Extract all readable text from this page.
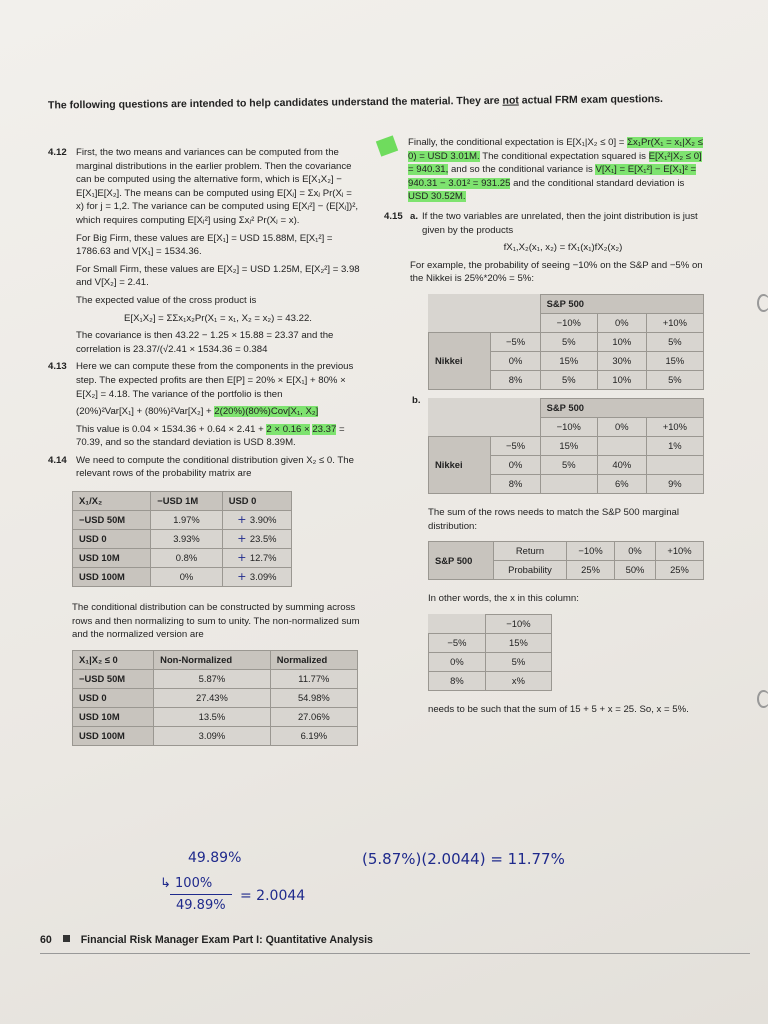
The following questions are intended to help candidates understand the material. They are not actual FRM exam questions.
4.12 First, the two means and variances can be computed from the marginal distributions in the earlier problem. Then the covariance can be computed using the alternative form, which is E[X₁X₂] − E[X₁]E[X₂]. The means can be computed using E[Xⱼ] = Σxⱼ Pr(Xⱼ = x) for j = 1,2. The variance can be computed using E[Xⱼ²] − (E[Xⱼ])², which requires computing E[Xⱼ²] using Σxⱼ² Pr(Xⱼ = x).

For Big Firm, these values are E[X₁] = USD 15.88M, E[X₁²] = 1786.63 and V[X₁] = 1534.36.

For Small Firm, these values are E[X₂] = USD 1.25M, E[X₂²] = 3.98 and V[X₂] = 2.41.

The expected value of the cross product is

E[X₁X₂] = ΣΣx₁x₂Pr(X₁ = x₁, X₂ = x₂) = 43.22.

The covariance is then 43.22 − 1.25 × 15.88 = 23.37 and the correlation is 23.37/(√2.41 × 1534.36 = 0.384

4.13 Here we can compute these from the components in the previous step. The expected profits are then E[P] = 20% × E[X₁] + 80% × E[X₂] = 4.18. The variance of the portfolio is then

(20%)²Var[X₁] + (80%)²Var[X₂] + 2(20%)(80%)Cov[X₁, X₂]

This value is 0.04 × 1534.36 + 0.64 × 2.41 + 2 × 0.16 × 23.37 = 70.39, and so the standard deviation is USD 8.39M.

4.14 We need to compute the conditional distribution given X₂ ≤ 0. The relevant rows of the probability matrix are

X₁/X₂	−USD 1M	USD 0
−USD 50M	1.97%	+ 3.90%
USD 0	3.93%	+ 23.5%
USD 10M	0.8%	+ 12.7%
USD 100M	0%	+ 3.09%

The conditional distribution can be constructed by summing across rows and then normalizing to sum to unity. The non-normalized sum and the normalized version are

X₁|X₂ ≤ 0	Non-Normalized	Normalized
−USD 50M	5.87%	11.77%
USD 0	27.43%	54.98%
USD 10M	13.5%	27.06%
USD 100M	3.09%	6.19%

Finally, the conditional expectation is E[X₁|X₂ ≤ 0] = Σx₁Pr(X₁ = x₁|X₂ ≤ 0) = USD 3.01M. The conditional expectation squared is E[X₁²|X₂ ≤ 0] = 940.31, and so the conditional variance is V[X₁] = E[X₁²] − E[X₁]² = 940.31 − 3.01² = 931.25 and the conditional standard deviation is USD 30.52M.

4.15 a. If the two variables are unrelated, then the joint distribution is just given by the products

fX₁,X₂(x₁, x₂) = fX₁(x₁)fX₂(x₂)

For example, the probability of seeing −10% on the S&P and −5% on the Nikkei is 25%*20% = 5%:

		S&P 500		
		−10%	0%	+10%
Nikkei	−5%	5%	10%	5%
	0%	15%	30%	15%
	8%	5%	10%	5%
b.
		S&P 500		
		−10%	0%	+10%
Nikkei	−5%	15%		1%
	0%	5%	40%	
	8%		6%	9%

The sum of the rows needs to match the S&P 500 marginal distribution:

S&P 500	Return	−10%	0%	+10%
	Probability	25%	50%	25%

In other words, the x in this column:

	−10%
−5%	15%
0%	5%
8%	x%

needs to be such that the sum of 15 + 5 + x = 25. So, x = 5%.

49.89%
↳ 100%
49.89%
= 2.0044
(5.87%)(2.0044) = 11.77%
60	Financial Risk Manager Exam Part I: Quantitative Analysis
